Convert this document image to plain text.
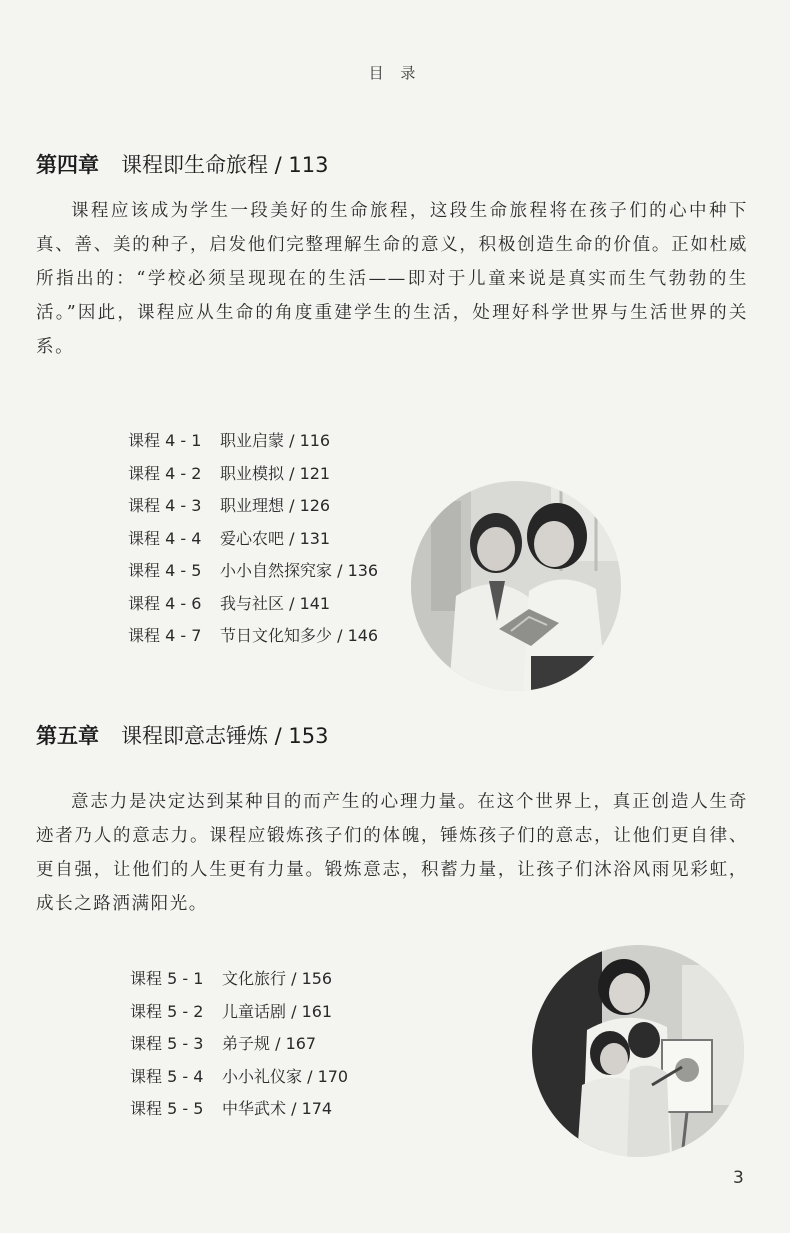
目 录
第四章 课程即生命旅程 / 113

课程应该成为学生一段美好的生命旅程，这段生命旅程将在孩子们的心中种下真、善、美的种子，启发他们完整理解生命的意义，积极创造生命的价值。正如杜威所指出的：“学校必须呈现现在的生活——即对于儿童来说是真实而生气勃勃的生活。”因此，课程应从生命的角度重建学生的生活，处理好科学世界与生活世界的关系。

课程 4 - 1 职业启蒙 / 116
课程 4 - 2 职业模拟 / 121
课程 4 - 3 职业理想 / 126
课程 4 - 4 爱心农吧 / 131
课程 4 - 5 小小自然探究家 / 136
课程 4 - 6 我与社区 / 141
课程 4 - 7 节日文化知多少 / 146
第五章 课程即意志锤炼 / 153

意志力是决定达到某种目的而产生的心理力量。在这个世界上，真正创造人生奇迹者乃人的意志力。课程应锻炼孩子们的体魄，锤炼孩子们的意志，让他们更自律、更自强，让他们的人生更有力量。锻炼意志，积蓄力量，让孩子们沐浴风雨见彩虹，成长之路洒满阳光。

课程 5 - 1 文化旅行 / 156
课程 5 - 2 儿童话剧 / 161
课程 5 - 3 弟子规 / 167
课程 5 - 4 小小礼仪家 / 170
课程 5 - 5 中华武术 / 174
3
